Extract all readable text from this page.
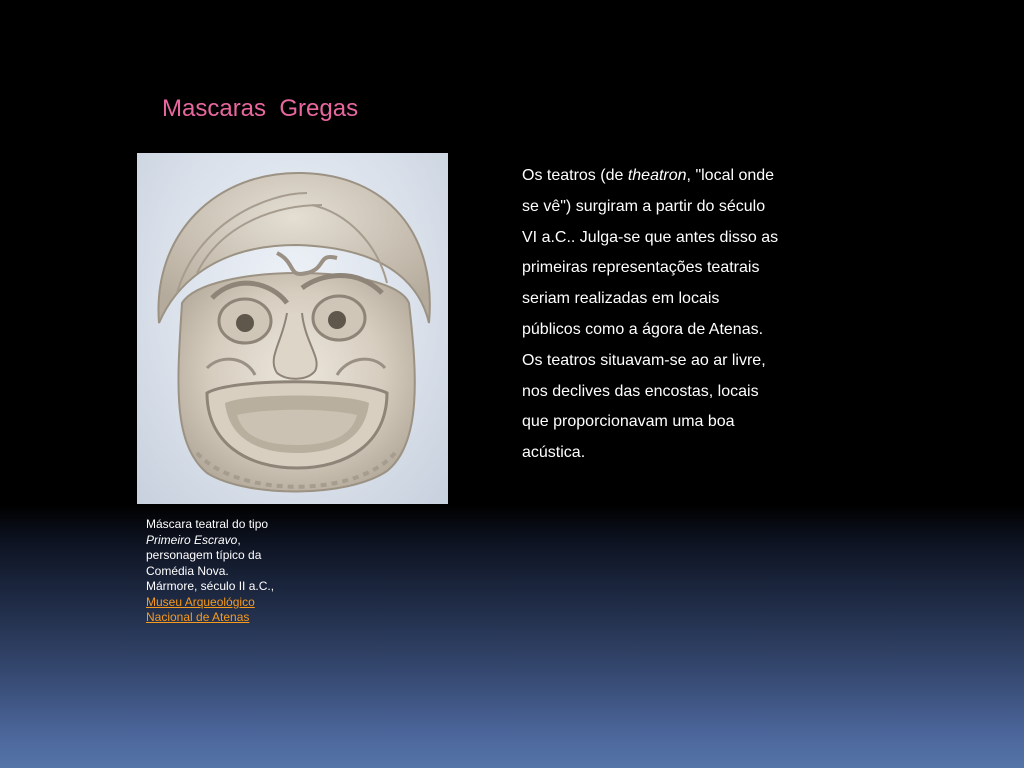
Mascaras  Gregas
Máscara teatral do tipo Primeiro Escravo, personagem típico da Comédia Nova. Mármore, século II a.C., Museu Arqueológico Nacional de Atenas

Os teatros (de theatron, "local onde se vê") surgiram a partir do século VI a.C.. Julga-se que antes disso as primeiras representações teatrais seriam realizadas em locais públicos como a ágora de Atenas.

Os teatros situavam-se ao ar livre, nos declives das encostas, locais que proporcionavam uma boa acústica.
